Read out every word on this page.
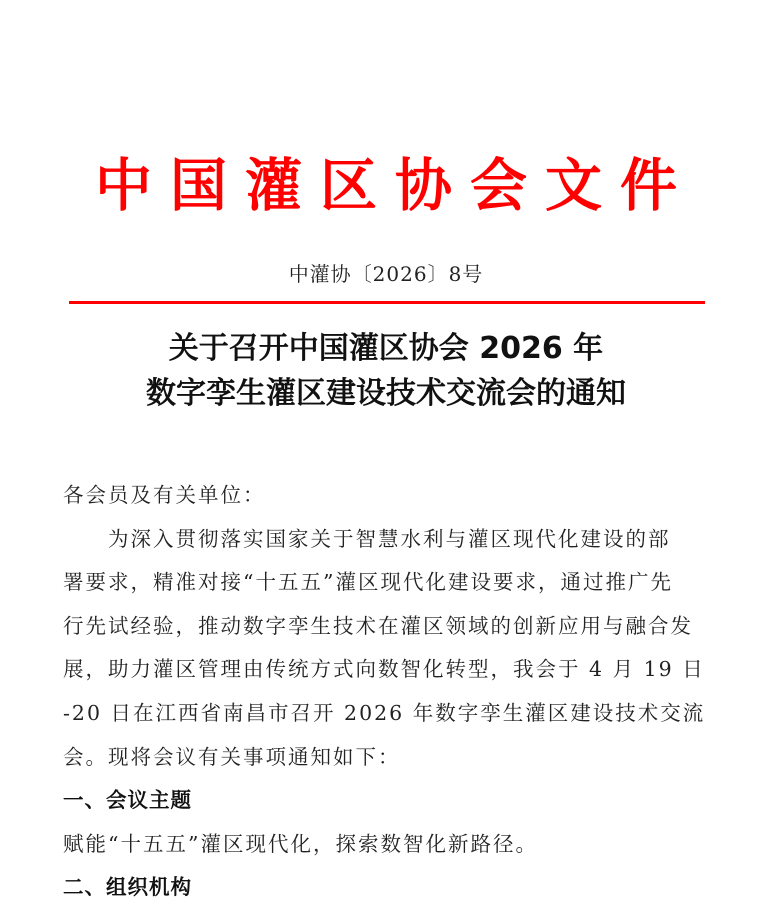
中国灌区协会文件
中灌协〔2026〕8号
关于召开中国灌区协会 2026 年
数字孪生灌区建设技术交流会的通知

各会员及有关单位：

为深入贯彻落实国家关于智慧水利与灌区现代化建设的部
署要求，精准对接“十五五”灌区现代化建设要求，通过推广先
行先试经验，推动数字孪生技术在灌区领域的创新应用与融合发
展，助力灌区管理由传统方式向数智化转型，我会于 4 月 19 日
-20 日在江西省南昌市召开 2026 年数字孪生灌区建设技术交流
会。现将会议有关事项通知如下：

一、会议主题

赋能“十五五”灌区现代化，探索数智化新路径。

二、组织机构
